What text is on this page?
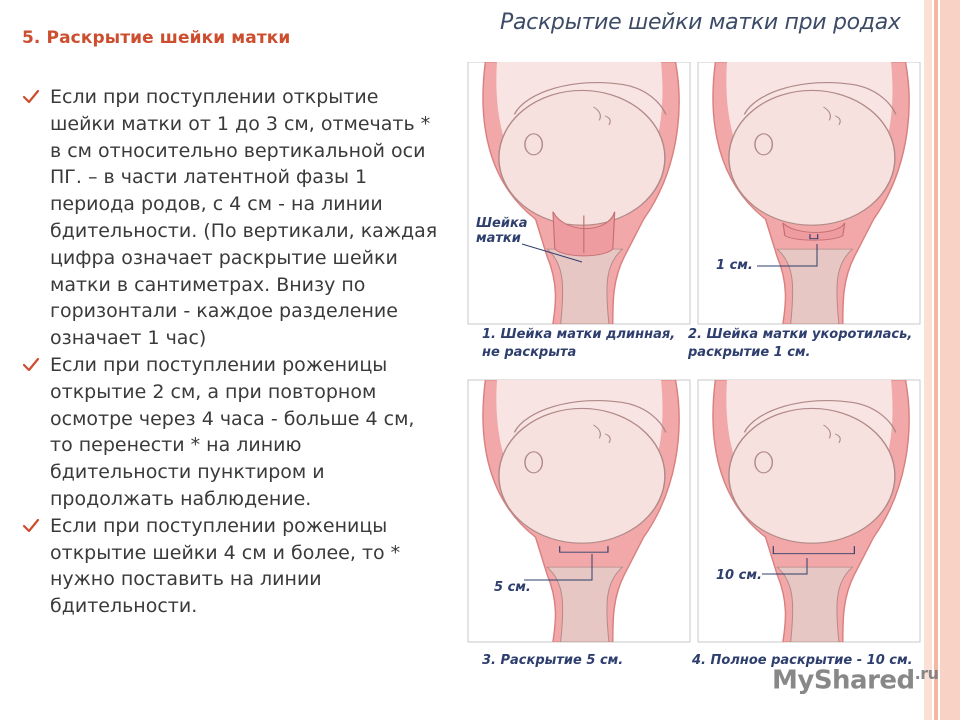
5. Раскрытие шейки матки
Если при поступлении открытие
шейки матки от 1 до 3 см, отмечать *
в см относительно вертикальной оси
ПГ. – в части латентной фазы 1
периода родов, с 4 см - на линии
бдительности. (По вертикали, каждая
цифра означает раскрытие шейки
матки в сантиметрах. Внизу по
горизонтали - каждое разделение
означает 1 час)
Если при поступлении роженицы
открытие 2 см, а при повторном
осмотре через 4 часа - больше 4 см,
то перенести * на линию
бдительности пунктиром и
продолжать наблюдение.
Если при поступлении роженицы
открытие шейки 4 см и более, то *
нужно поставить на линии
бдительности.
Раскрытие шейки матки при родах
Шейка
матки
1 см.
5 см.
10 см.
1. Шейка матки длинная,
не раскрыта
2. Шейка матки укоротилась,
раскрытие 1 см.
3. Раскрытие 5 см.	4. Полное раскрытие - 10 см.
MyShared$^{.ru}$
